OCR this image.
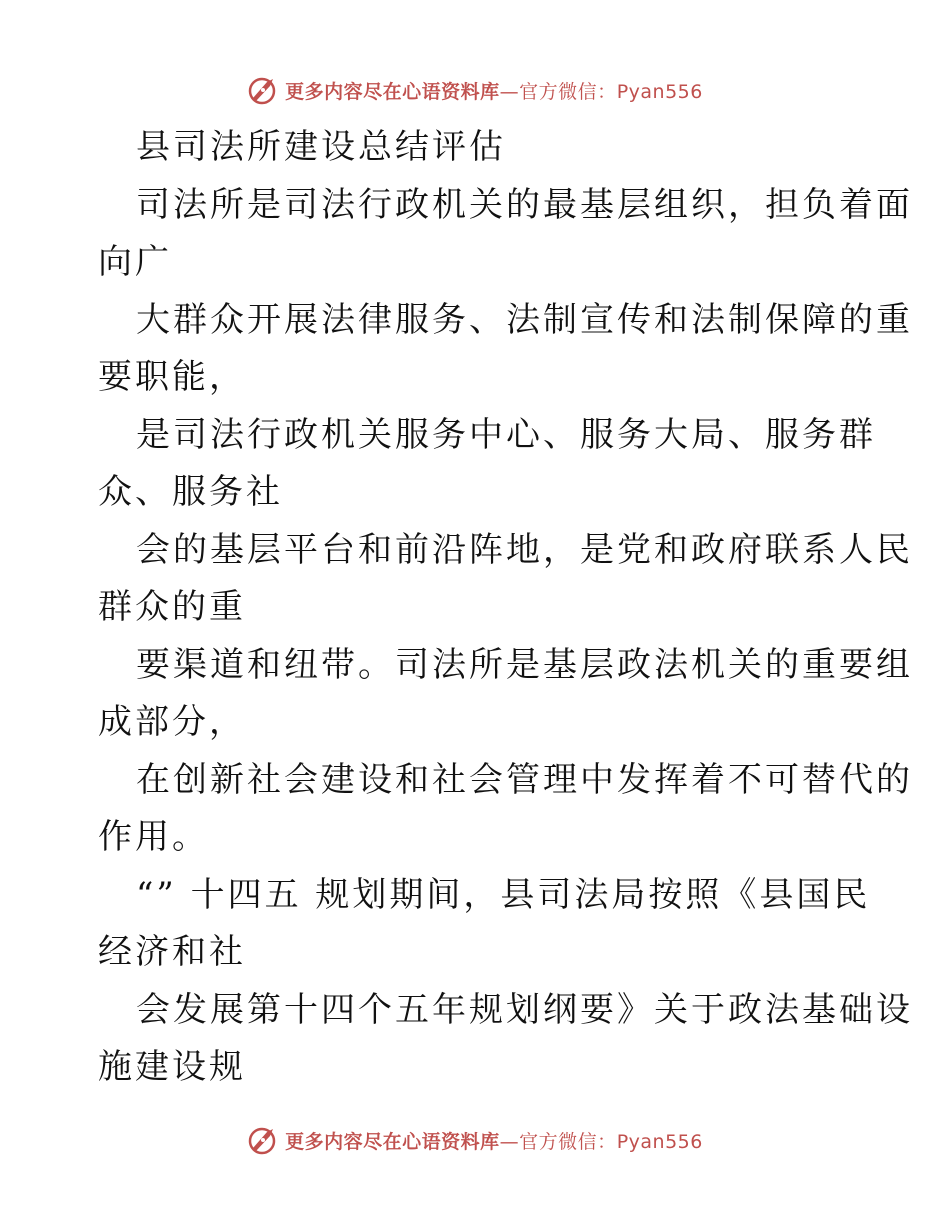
更多内容尽在心语资料库—官方微信：Pyan556
县司法所建设总结评估
司法所是司法行政机关的最基层组织，担负着面
向广
大群众开展法律服务、法制宣传和法制保障的重
要职能，
是司法行政机关服务中心、服务大局、服务群
众、服务社
会的基层平台和前沿阵地，是党和政府联系人民
群众的重
要渠道和纽带。司法所是基层政法机关的重要组
成部分，
在创新社会建设和社会管理中发挥着不可替代的
作用。
“” 十四五 规划期间，县司法局按照《县国民
经济和社
会发展第十四个五年规划纲要》关于政法基础设
施建设规
更多内容尽在心语资料库—官方微信：Pyan556
